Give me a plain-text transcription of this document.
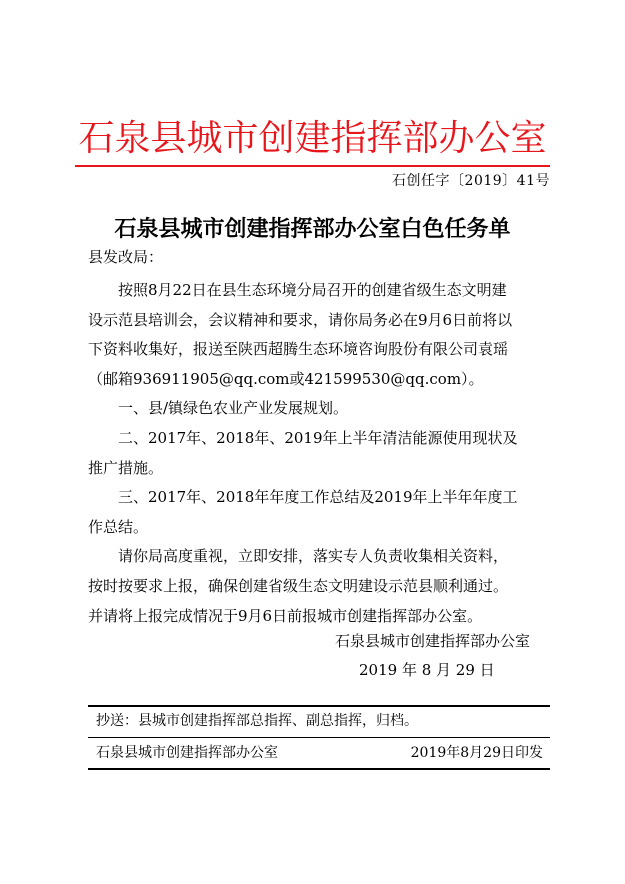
石泉县城市创建指挥部办公室
石创任字〔2019〕41号
石泉县城市创建指挥部办公室白色任务单
县发改局：
　　按照8月22日在县生态环境分局召开的创建省级生态文明建
设示范县培训会，会议精神和要求，请你局务必在9月6日前将以
下资料收集好，报送至陕西超腾生态环境咨询股份有限公司袁瑶
（邮箱936911905@qq.com或421599530@qq.com）。
　　一、县/镇绿色农业产业发展规划。
　　二、2017年、2018年、2019年上半年清洁能源使用现状及
推广措施。
　　三、2017年、2018年年度工作总结及2019年上半年年度工
作总结。
　　请你局高度重视，立即安排，落实专人负责收集相关资料，
按时按要求上报，确保创建省级生态文明建设示范县顺利通过。
并请将上报完成情况于9月6日前报城市创建指挥部办公室。
石泉县城市创建指挥部办公室
2019 年 8 月 29 日
抄送：县城市创建指挥部总指挥、副总指挥，归档。
石泉县城市创建指挥部办公室	2019年8月29日印发
